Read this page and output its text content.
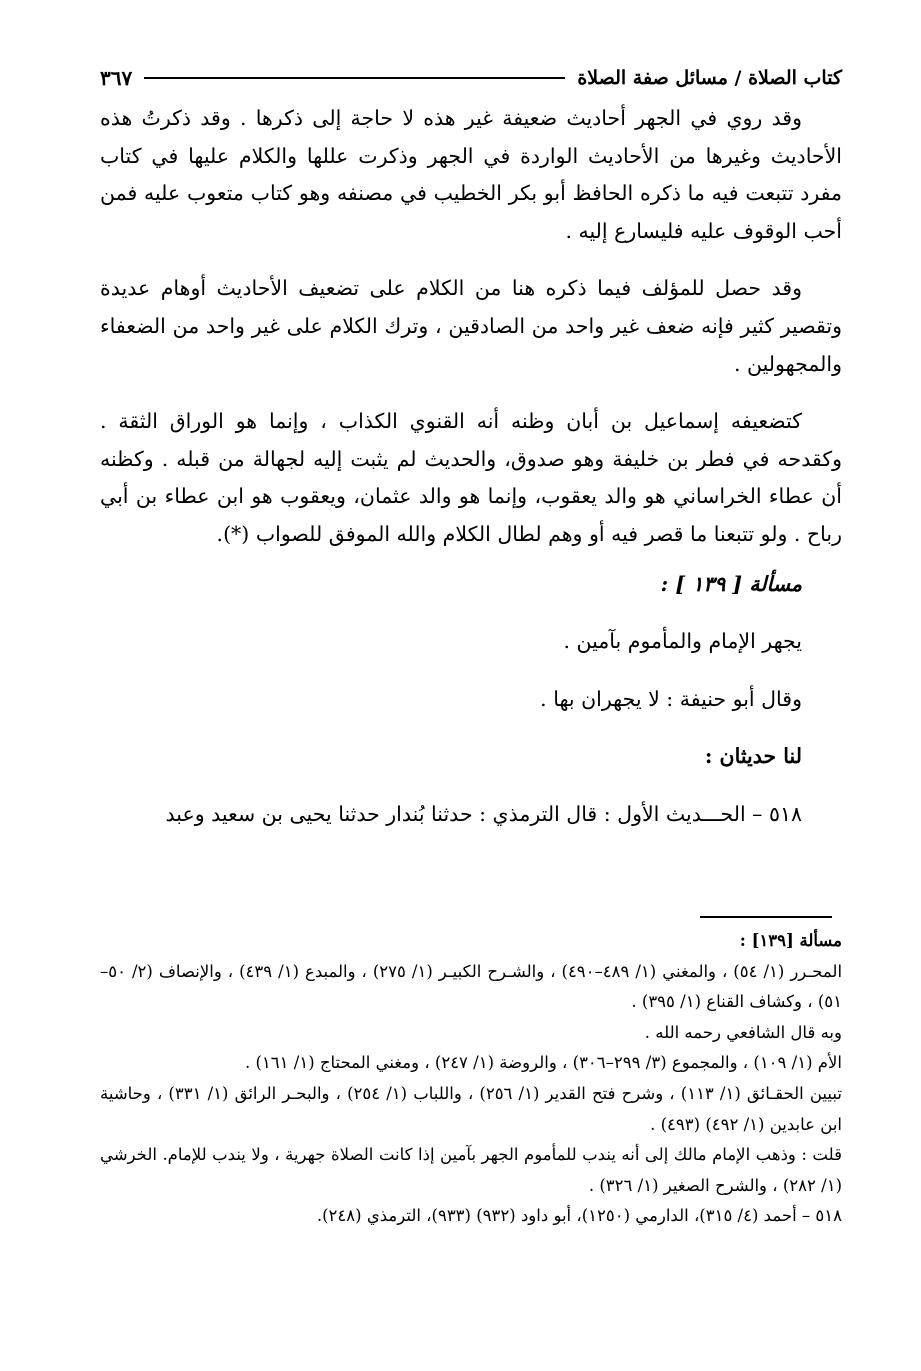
كتاب الصلاة / مسائل صفة الصلاة
٣٦٧

وقد روي في الجهر أحاديث ضعيفة غير هذه لا حاجة إلى ذكرها . وقد ذكرتُ هذه الأحاديث وغيرها من الأحاديث الواردة في الجهر وذكرت عللها والكلام عليها في كتاب مفرد تتبعت فيه ما ذكره الحافظ أبو بكر الخطيب في مصنفه وهو كتاب متعوب عليه فمن أحب الوقوف عليه فليسارع إليه .

وقد حصل للمؤلف فيما ذكره هنا من الكلام على تضعيف الأحاديث أوهام عديدة وتقصير كثير فإنه ضعف غير واحد من الصادقين ، وترك الكلام على غير واحد من الضعفاء والمجهولين .

كتضعيفه إسماعيل بن أبان وظنه أنه القنوي الكذاب ، وإنما هو الوراق الثقة . وكقدحه في فطر بن خليفة وهو صدوق، والحديث لم يثبت إليه لجهالة من قبله . وكظنه أن عطاء الخراساني هو والد يعقوب، وإنما هو والد عثمان، ويعقوب هو ابن عطاء بن أبي رباح . ولو تتبعنا ما قصر فيه أو وهم لطال الكلام والله الموفق للصواب (*).

مسألة [ ١٣٩ ] :

يجهر الإمام والمأموم بآمين .

وقال أبو حنيفة : لا يجهران بها .

لنا حديثان :

٥١٨ – الحـــديث الأول : قال الترمذي : حدثنا بُندار حدثنا يحيى بن سعيد وعبد

مسألة [١٣٩] :

المحـرر (١/ ٥٤) ، والمغني (١/ ٤٨٩–٤٩٠) ، والشـرح الكبيـر (١/ ٢٧٥) ، والمبدع (١/ ٤٣٩) ، والإنصاف (٢/ ٥٠–٥١) ، وكشاف القناع (١/ ٣٩٥) .

وبه قال الشافعي رحمه الله .

الأم (١/ ١٠٩) ، والمجموع (٣/ ٢٩٩–٣٠٦) ، والروضة (١/ ٢٤٧) ، ومغني المحتاج (١/ ١٦١) .

تبيين الحقـائق (١/ ١١٣) ، وشرح فتح القدير (١/ ٢٥٦) ، واللباب (١/ ٢٥٤) ، والبحـر الرائق (١/ ٣٣١) ، وحاشية ابن عابدين (١/ ٤٩٢) (٤٩٣) .

قلت : وذهب الإمام مالك إلى أنه يندب للمأموم الجهر بآمين إذا كانت الصلاة جهرية ، ولا يندب للإمام. الخرشي (١/ ٢٨٢) ، والشرح الصغير (١/ ٣٢٦) .

٥١٨ – أحمد (٤/ ٣١٥)، الدارمي (١٢٥٠)، أبو داود (٩٣٢) (٩٣٣)، الترمذي (٢٤٨).
